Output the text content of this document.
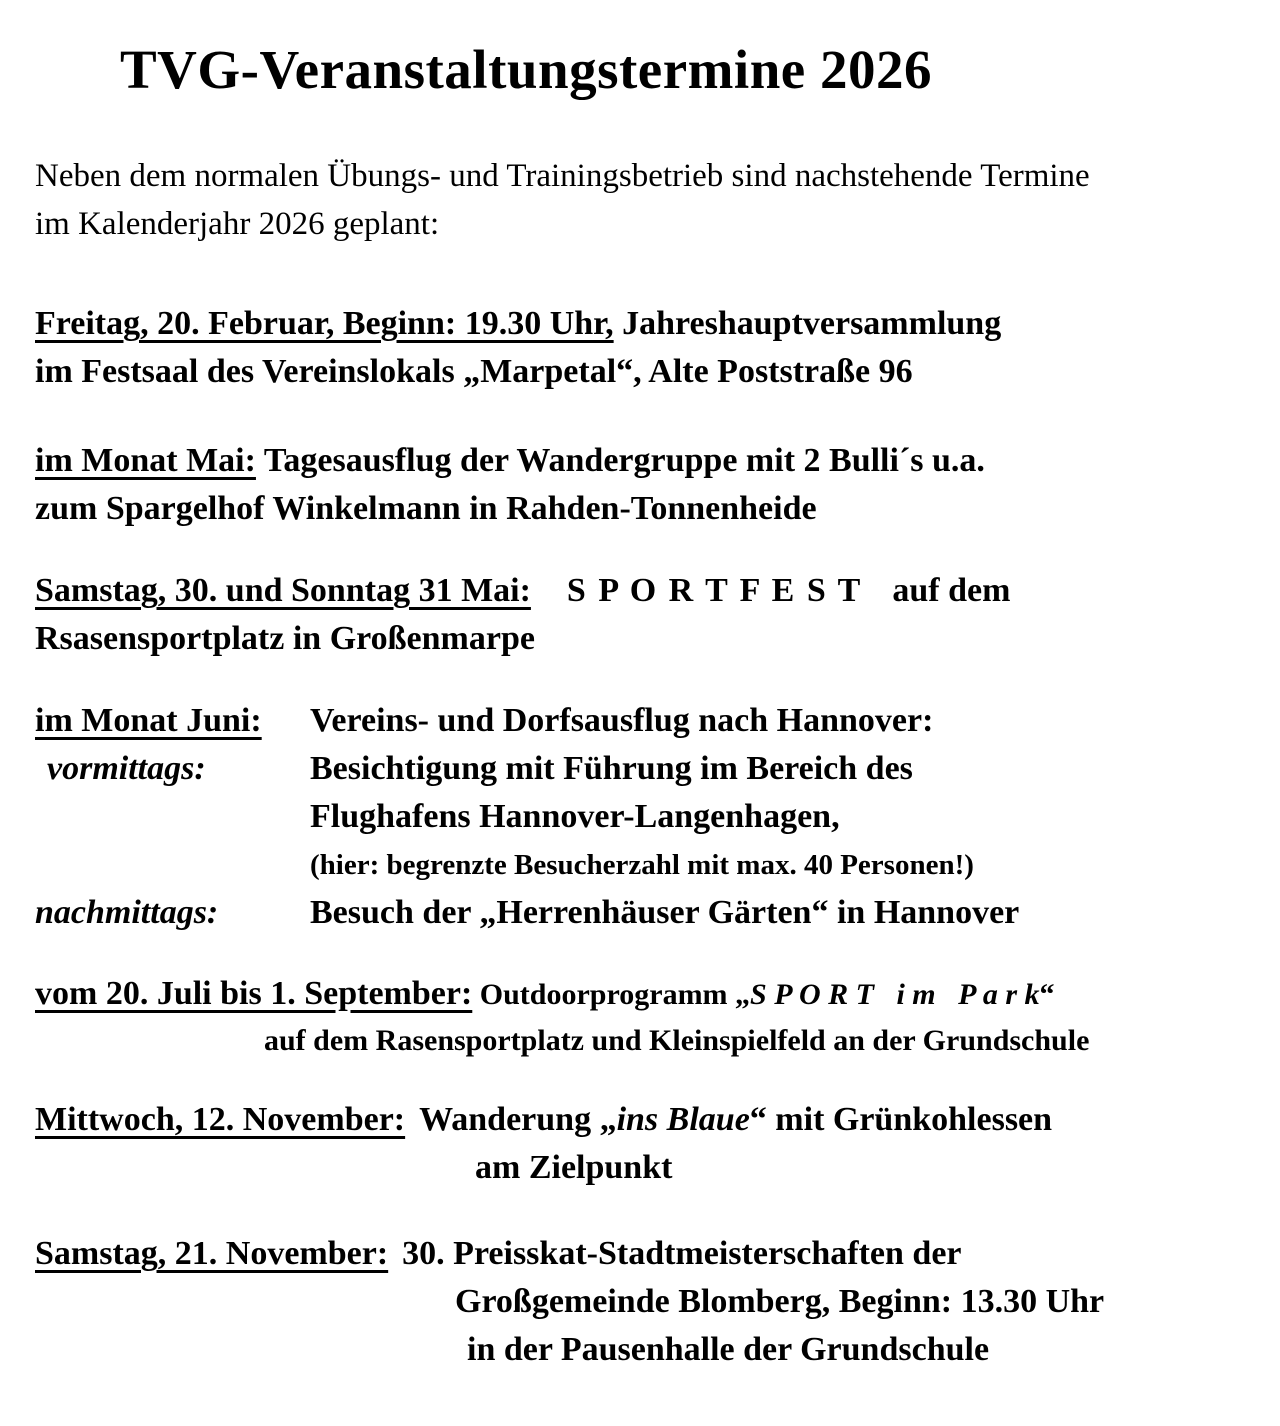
TVG-Veranstaltungstermine 2026

Neben dem normalen Übungs- und Trainingsbetrieb sind nachstehende Termine
im Kalenderjahr 2026 geplant:

Freitag, 20. Februar, Beginn: 19.30 Uhr, Jahreshauptversammlung
im Festsaal des Vereinslokals „Marpetal“, Alte Poststraße 96
im Monat Mai: Tagesausflug der Wandergruppe mit 2 Bulli´s u.a.
zum Spargelhof Winkelmann in Rahden-Tonnenheide
Samstag, 30. und Sonntag 31 Mai: S P O R T F E S T auf dem
Rsasensportplatz in Großenmarpe
im Monat Juni:	Vereins- und Dorfsausflug nach Hannover:
vormittags:	Besichtigung mit Führung im Bereich des
Flughafens Hannover-Langenhagen,
(hier: begrenzte Besucherzahl mit max. 40 Personen!)
nachmittags:	Besuch der „Herrenhäuser Gärten“ in Hannover
vom 20. Juli bis 1. September: Outdoorprogramm „S P O R T   i m   P a r k“
auf dem Rasensportplatz und Kleinspielfeld an der Grundschule
Mittwoch, 12. November: Wanderung „ins Blaue“ mit Grünkohlessen
am Zielpunkt
Samstag, 21. November: 30. Preisskat-Stadtmeisterschaften der
Großgemeinde Blomberg, Beginn: 13.30 Uhr
in der Pausenhalle der Grundschule
